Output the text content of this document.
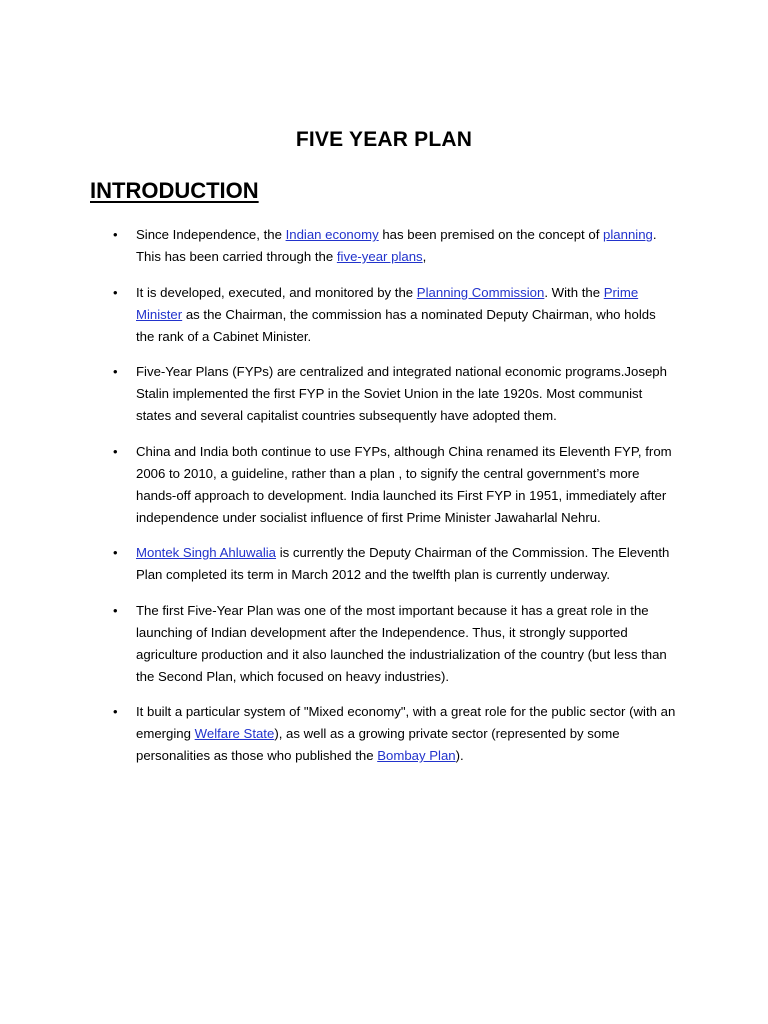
FIVE YEAR PLAN
INTRODUCTION
• Since Independence, the Indian economy has been premised on the concept of planning. This has been carried through the five-year plans,
• It is developed, executed, and monitored by the Planning Commission. With the Prime Minister as the Chairman, the commission has a nominated Deputy Chairman, who holds the rank of a Cabinet Minister.
• Five-Year Plans (FYPs) are centralized and integrated national economic programs.Joseph Stalin implemented the first FYP in the Soviet Union in the late 1920s. Most communist states and several capitalist countries subsequently have adopted them.
• China and India both continue to use FYPs, although China renamed its Eleventh FYP, from 2006 to 2010, a guideline, rather than a plan , to signify the central government’s more hands-off approach to development. India launched its First FYP in 1951, immediately after independence under socialist influence of first Prime Minister Jawaharlal Nehru.
• Montek Singh Ahluwalia is currently the Deputy Chairman of the Commission. The Eleventh Plan completed its term in March 2012 and the twelfth plan is currently underway.
• The first Five-Year Plan was one of the most important because it has a great role in the launching of Indian development after the Independence. Thus, it strongly supported agriculture production and it also launched the industrialization of the country (but less than the Second Plan, which focused on heavy industries).
• It built a particular system of "Mixed economy", with a great role for the public sector (with an emerging Welfare State), as well as a growing private sector (represented by some personalities as those who published the Bombay Plan).
